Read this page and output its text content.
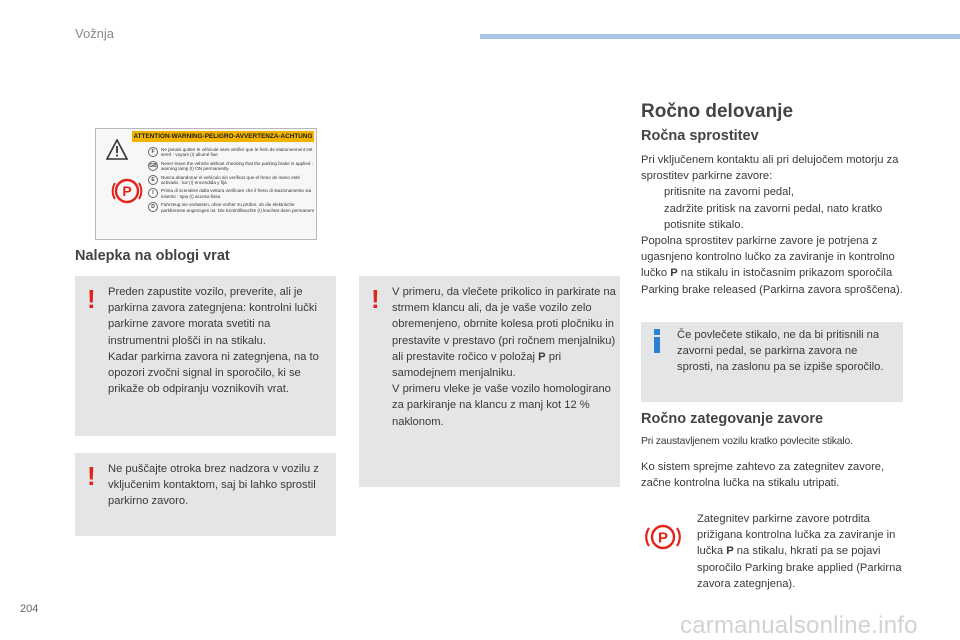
Vožnja
ATTENTION-WARNING-PELIGRO-AVVERTENZA-ACHTUNG
P
F	Ne jamais quitter le véhicule sans vérifier que le frein de stationnement est serré : voyant (!) allumé fixe
GB Never leave the vehicle without checking that the parking brake is applied : warning lamp (!) ON permanently
E	Nunca abandonar el vehículo sin verificar que el freno de mano esté activado : luz (!) encendida y fija
I	Prima di scendere dalla vettura verificare che il freno di stazionamento sia inserito : spia (!) accesa fissa
D	Fahrzeug nie verlassen, ohne vorher zu prüfen, ob die elektrische parkbremse angezogen ist. Die Kontrollleuchte (!) leuchtet dann permanent
Nalepka na oblogi vrat
! Preden zapustite vozilo, preverite, ali je parkirna zavora zategnjena: kontrolni lučki parkirne zavore morata svetiti na instrumentni plošči in na stikalu.
Kadar parkirna zavora ni zategnjena, na to opozori zvočni signal in sporočilo, ki se prikaže ob odpiranju voznikovih vrat.
! Ne puščajte otroka brez nadzora v vozilu z vključenim kontaktom, saj bi lahko sprostil parkirno zavoro.
! V primeru, da vlečete prikolico in parkirate na strmem klancu ali, da je vaše vozilo zelo obremenjeno, obrnite kolesa proti pločniku in prestavite v prestavo (pri ročnem menjalniku) ali prestavite ročico v položaj P pri samodejnem menjalniku.
V primeru vleke je vaše vozilo homologirano za parkiranje na klancu z manj kot 12 % naklonom.
Ročno delovanje
Ročna sprostitev
Pri vključenem kontaktu ali pri delujočem motorju za sprostitev parkirne zavore:
pritisnite na zavorni pedal,
zadržite pritisk na zavorni pedal, nato kratko potisnite stikalo.
Popolna sprostitev parkirne zavore je potrjena z ugasnjeno kontrolno lučko za zaviranje in kontrolno lučko P na stikalu in istočasnim prikazom sporočila Parking brake released (Parkirna zavora sproščena).
Če povlečete stikalo, ne da bi pritisnili na zavorni pedal, se parkirna zavora ne sprosti, na zaslonu pa se izpiše sporočilo.
Ročno zategovanje zavore
Pri zaustavljenem vozilu kratko povlecite stikalo.
Ko sistem sprejme zahtevo za zategnitev zavore, začne kontrolna lučka na stikalu utripati.
P
Zategnitev parkirne zavore potrdita prižigana kontrolna lučka za zaviranje in lučka P na stikalu, hkrati pa se pojavi sporočilo Parking brake applied (Parkirna zavora zategnjena).
204
carmanualsonline.info
